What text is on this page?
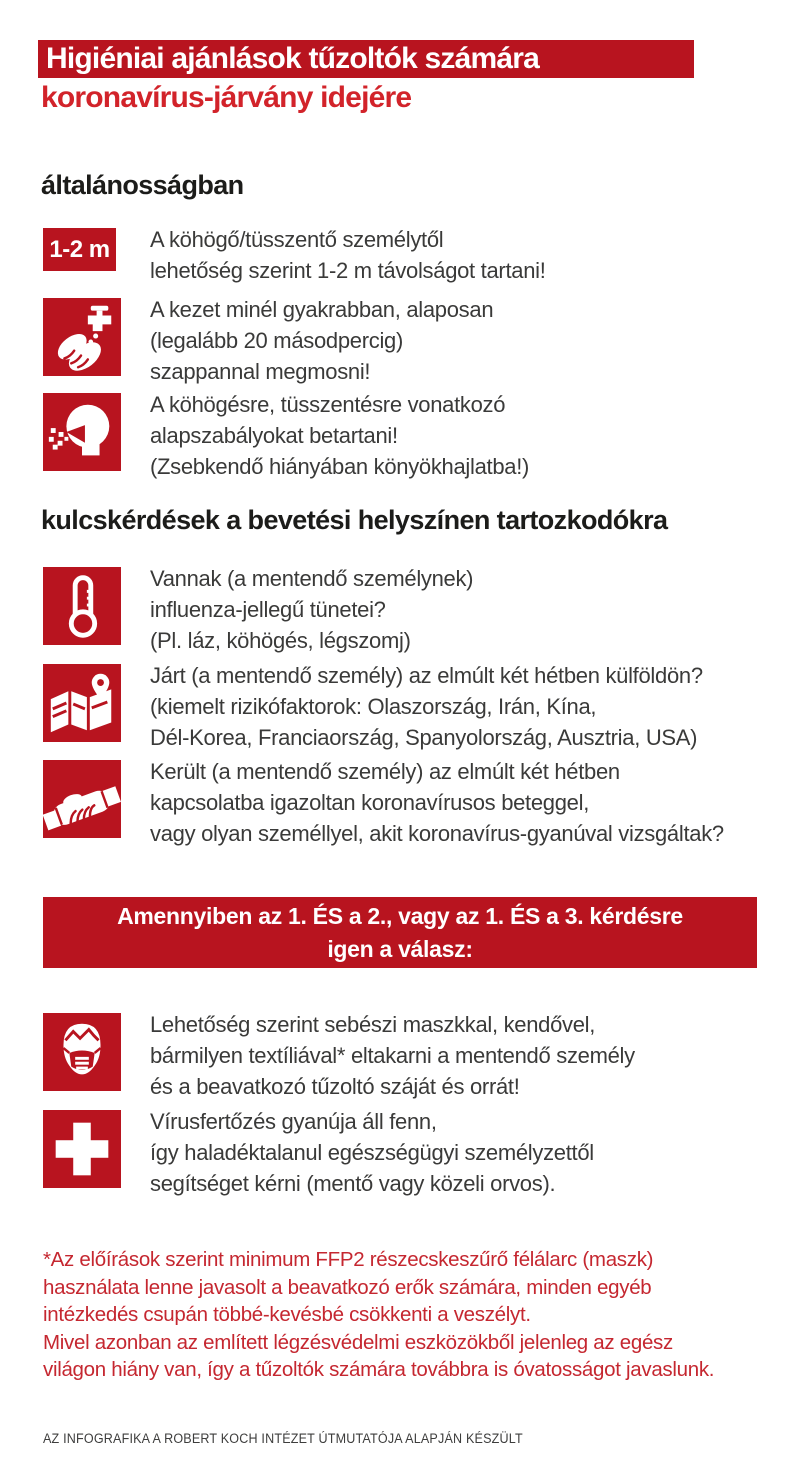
Higiéniai ajánlások tűzoltók számára
koronavírus-járvány idejére
általánosságban
1-2 m A köhögő/tüsszentő személytől
lehetőség szerint 1-2 m távolságot tartani!
A kezet minél gyakrabban, alaposan
(legalább 20 másodpercig)
szappannal megmosni!
A köhögésre, tüsszentésre vonatkozó
alapszabályokat betartani!
(Zsebkendő hiányában könyökhajlatba!)
kulcskérdések a bevetési helyszínen tartozkodókra
Vannak (a mentendő személynek)
influenza-jellegű tünetei?
(Pl. láz, köhögés, légszomj)
Járt (a mentendő személy) az elmúlt két hétben külföldön?
(kiemelt rizikófaktorok: Olaszország, Irán, Kína,
Dél-Korea, Franciaország, Spanyolország, Ausztria, USA)
Került (a mentendő személy) az elmúlt két hétben
kapcsolatba igazoltan koronavírusos beteggel,
vagy olyan személlyel, akit koronavírus-gyanúval vizsgáltak?
Amennyiben az 1. ÉS a 2., vagy az 1. ÉS a 3. kérdésre
igen a válasz:
Lehetőség szerint sebészi maszkkal, kendővel,
bármilyen textíliával* eltakarni a mentendő személy
és a beavatkozó tűzoltó száját és orrát!
Vírusfertőzés gyanúja áll fenn,
így haladéktalanul egészségügyi személyzettől
segítséget kérni (mentő vagy közeli orvos).
*Az előírások szerint minimum FFP2 részecskeszűrő félálarc (maszk)
használata lenne javasolt a beavatkozó erők számára, minden egyéb
intézkedés csupán többé-kevésbé csökkenti a veszélyt.
Mivel azonban az említett légzésvédelmi eszközökből jelenleg az egész
világon hiány van, így a tűzoltók számára továbbra is óvatosságot javaslunk.
AZ INFOGRAFIKA A ROBERT KOCH INTÉZET ÚTMUTATÓJA ALAPJÁN KÉSZÜLT
